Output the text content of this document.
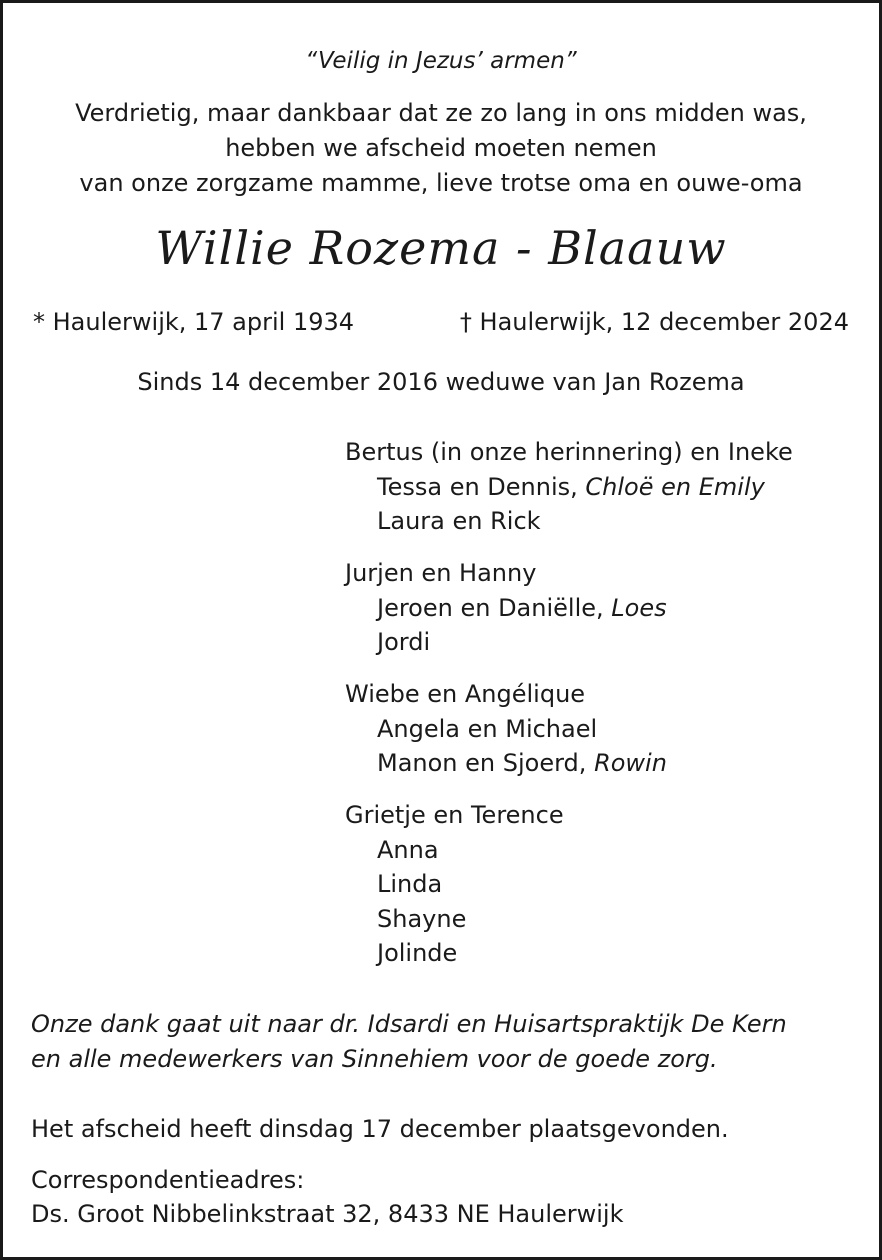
“Veilig in Jezus’ armen”
Verdrietig, maar dankbaar dat ze zo lang in ons midden was,
hebben we afscheid moeten nemen
van onze zorgzame mamme, lieve trotse oma en ouwe-oma
Willie Rozema - Blaauw
* Haulerwijk, 17 april 1934	† Haulerwijk, 12 december 2024
Sinds 14 december 2016 weduwe van Jan Rozema
Bertus (in onze herinnering) en Ineke
Tessa en Dennis, Chloë en Emily
Laura en Rick
Jurjen en Hanny
Jeroen en Daniëlle, Loes
Jordi
Wiebe en Angélique
Angela en Michael
Manon en Sjoerd, Rowin
Grietje en Terence
Anna
Linda
Shayne
Jolinde
Onze dank gaat uit naar dr. Idsardi en Huisartspraktijk De Kern
en alle medewerkers van Sinnehiem voor de goede zorg.
Het afscheid heeft dinsdag 17 december plaatsgevonden.
Correspondentieadres:
Ds. Groot Nibbelinkstraat 32, 8433 NE Haulerwijk
